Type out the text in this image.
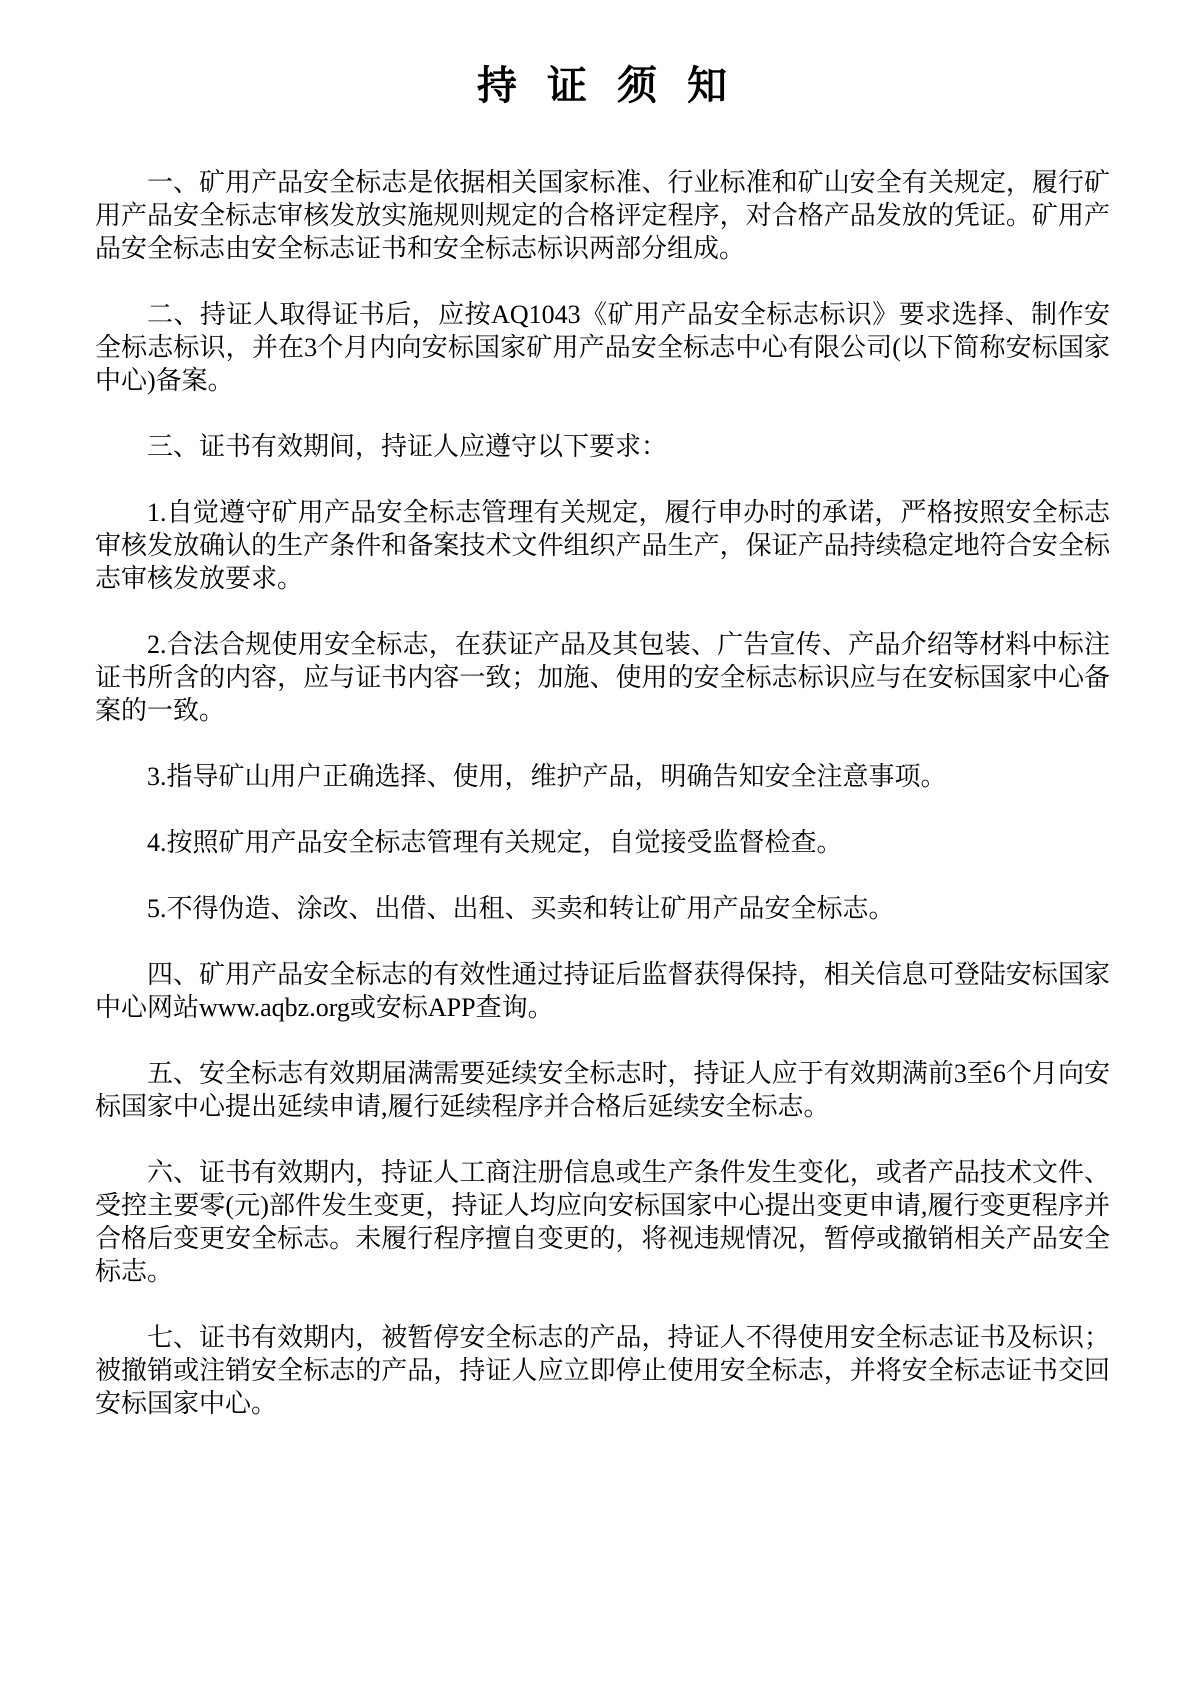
持 证 须 知

一、矿用产品安全标志是依据相关国家标准、行业标准和矿山安全有关规定，履行矿用产品安全标志审核发放实施规则规定的合格评定程序，对合格产品发放的凭证。矿用产品安全标志由安全标志证书和安全标志标识两部分组成。

二、持证人取得证书后，应按AQ1043《矿用产品安全标志标识》要求选择、制作安全标志标识，并在3个月内向安标国家矿用产品安全标志中心有限公司(以下简称安标国家中心)备案。

三、证书有效期间，持证人应遵守以下要求：

1.自觉遵守矿用产品安全标志管理有关规定，履行申办时的承诺，严格按照安全标志审核发放确认的生产条件和备案技术文件组织产品生产，保证产品持续稳定地符合安全标志审核发放要求。

2.合法合规使用安全标志，在获证产品及其包装、广告宣传、产品介绍等材料中标注证书所含的内容，应与证书内容一致；加施、使用的安全标志标识应与在安标国家中心备案的一致。

3.指导矿山用户正确选择、使用，维护产品，明确告知安全注意事项。

4.按照矿用产品安全标志管理有关规定，自觉接受监督检查。

5.不得伪造、涂改、出借、出租、买卖和转让矿用产品安全标志。

四、矿用产品安全标志的有效性通过持证后监督获得保持，相关信息可登陆安标国家中心网站www.aqbz.org或安标APP查询。

五、安全标志有效期届满需要延续安全标志时，持证人应于有效期满前3至6个月向安标国家中心提出延续申请,履行延续程序并合格后延续安全标志。

六、证书有效期内，持证人工商注册信息或生产条件发生变化，或者产品技术文件、受控主要零(元)部件发生变更，持证人均应向安标国家中心提出变更申请,履行变更程序并合格后变更安全标志。未履行程序擅自变更的，将视违规情况，暂停或撤销相关产品安全标志。

七、证书有效期内，被暂停安全标志的产品，持证人不得使用安全标志证书及标识；被撤销或注销安全标志的产品，持证人应立即停止使用安全标志，并将安全标志证书交回安标国家中心。
